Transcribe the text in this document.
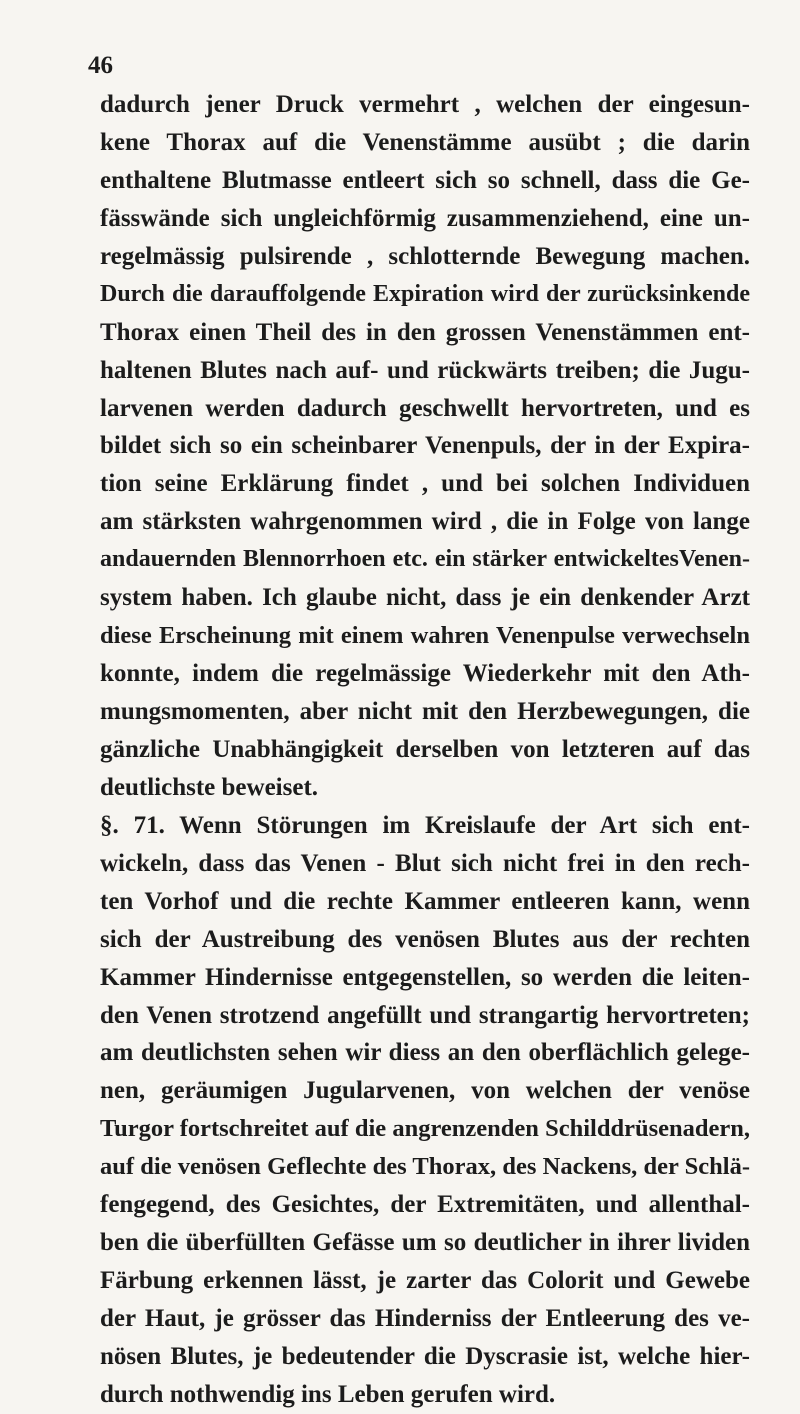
46
dadurch jener Druck vermehrt , welchen der eingesun-
kene Thorax auf die Venenstämme ausübt ; die darin
enthaltene Blutmasse entleert sich so schnell, dass die Ge-
fässwände sich ungleichförmig zusammenziehend, eine un-
regelmässig pulsirende , schlotternde Bewegung machen.
Durch die darauffolgende Expiration wird der zurücksinkende
Thorax einen Theil des in den grossen Venenstämmen ent-
haltenen Blutes nach auf- und rückwärts treiben; die Jugu-
larvenen werden dadurch geschwellt hervortreten, und es
bildet sich so ein scheinbarer Venenpuls, der in der Expira-
tion seine Erklärung findet , und bei solchen Individuen
am stärksten wahrgenommen wird , die in Folge von lange
andauernden Blennorrhoen etc. ein stärker entwickeltesVenen-
system haben. Ich glaube nicht, dass je ein denkender Arzt
diese Erscheinung mit einem wahren Venenpulse verwechseln
konnte, indem die regelmässige Wiederkehr mit den Ath-
mungsmomenten, aber nicht mit den Herzbewegungen, die
gänzliche Unabhängigkeit derselben von letzteren auf das
deutlichste beweiset.
§. 71. Wenn Störungen im Kreislaufe der Art sich ent-
wickeln, dass das Venen - Blut sich nicht frei in den rech-
ten Vorhof und die rechte Kammer entleeren kann, wenn
sich der Austreibung des venösen Blutes aus der rechten
Kammer Hindernisse entgegenstellen, so werden die leiten-
den Venen strotzend angefüllt und strangartig hervortreten;
am deutlichsten sehen wir diess an den oberflächlich gelege-
nen, geräumigen Jugularvenen, von welchen der venöse
Turgor fortschreitet auf die angrenzenden Schilddrüsenadern,
auf die venösen Geflechte des Thorax, des Nackens, der Schlä-
fengegend, des Gesichtes, der Extremitäten, und allenthal-
ben die überfüllten Gefässe um so deutlicher in ihrer lividen
Färbung erkennen lässt, je zarter das Colorit und Gewebe
der Haut, je grösser das Hinderniss der Entleerung des ve-
nösen Blutes, je bedeutender die Dyscrasie ist, welche hier-
durch nothwendig ins Leben gerufen wird.
